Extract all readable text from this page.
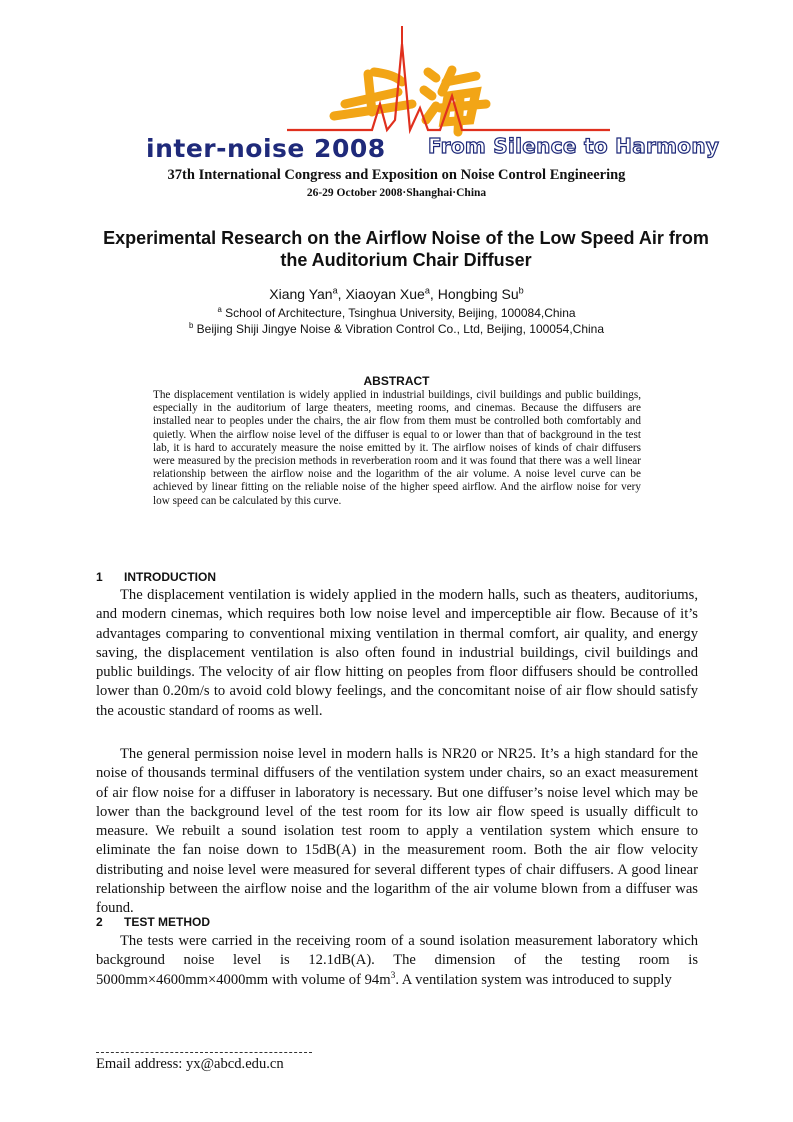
inter-noise 2008 From Silence to Harmony
37th International Congress and Exposition on Noise Control Engineering
26-29 October 2008·Shanghai·China
Experimental Research on the Airflow Noise of the Low Speed Air from the Auditorium Chair Diffuser
Xiang Yan$^a$, Xiaoyan Xue$^a$, Hongbing Su$^b$
$^a$ School of Architecture, Tsinghua University, Beijing, 100084,China
$^b$ Beijing Shiji Jingye Noise & Vibration Control Co., Ltd, Beijing, 100054,China
ABSTRACT

The displacement ventilation is widely applied in industrial buildings, civil buildings and public buildings, especially in the auditorium of large theaters, meeting rooms, and cinemas. Because the diffusers are installed near to peoples under the chairs, the air flow from them must be controlled both comfortably and quietly. When the airflow noise level of the diffuser is equal to or lower than that of background in the test lab, it is hard to accurately measure the noise emitted by it. The airflow noises of kinds of chair diffusers were measured by the precision methods in reverberation room and it was found that there was a well linear relationship between the airflow noise and the logarithm of the air volume. A noise level curve can be achieved by linear fitting on the reliable noise of the higher speed airflow. And the airflow noise for very low speed can be calculated by this curve.

1 INTRODUCTION

The displacement ventilation is widely applied in the modern halls, such as theaters, auditoriums, and modern cinemas, which requires both low noise level and imperceptible air flow. Because of it’s advantages comparing to conventional mixing ventilation in thermal comfort, air quality, and energy saving, the displacement ventilation is also often found in industrial buildings, civil buildings and public buildings. The velocity of air flow hitting on peoples from floor diffusers should be controlled lower than 0.20m/s to avoid cold blowy feelings, and the concomitant noise of air flow should satisfy the acoustic standard of rooms as well.

The general permission noise level in modern halls is NR20 or NR25. It’s a high standard for the noise of thousands terminal diffusers of the ventilation system under chairs, so an exact measurement of air flow noise for a diffuser in laboratory is necessary. But one diffuser’s noise level which may be lower than the background level of the test room for its low air flow speed is usually difficult to measure. We rebuilt a sound isolation test room to apply a ventilation system which ensure to eliminate the fan noise down to 15dB(A) in the measurement room. Both the air flow velocity distributing and noise level were measured for several different types of chair diffusers. A good linear relationship between the airflow noise and the logarithm of the air volume blown from a diffuser was found.

2 TEST METHOD

The tests were carried in the receiving room of a sound isolation measurement laboratory which background noise level is 12.1dB(A). The dimension of the testing room is 5000mm×4600mm×4000mm with volume of $94m^3$. A ventilation system was introduced to supply

Email address: yx@abcd.edu.cn
